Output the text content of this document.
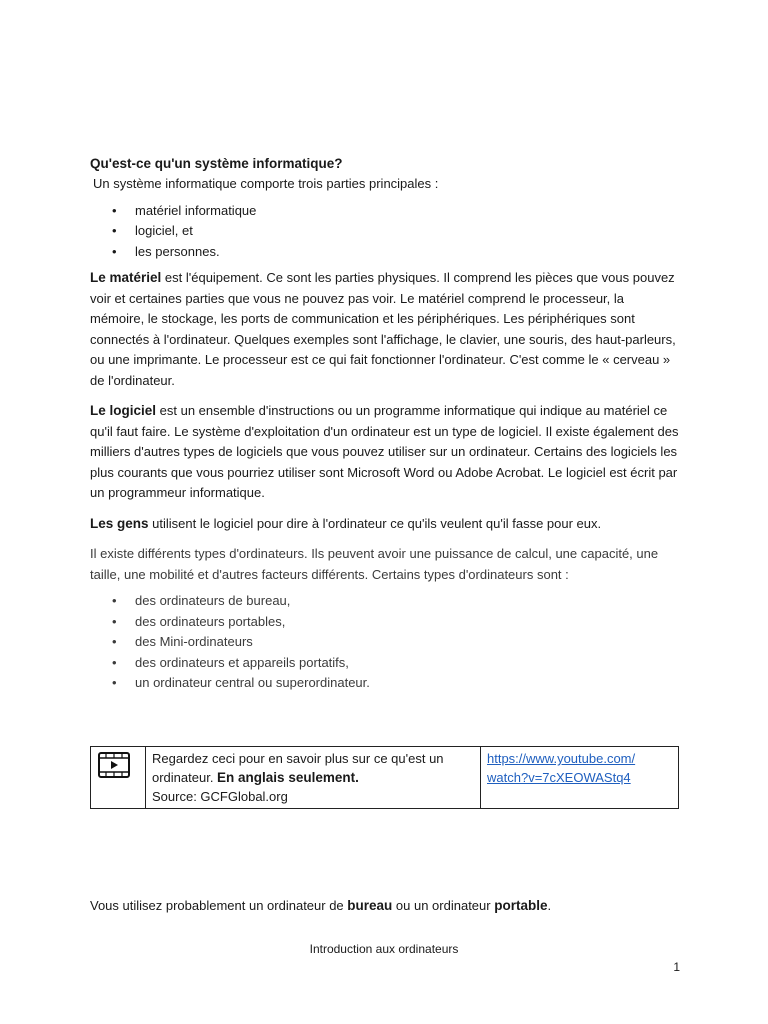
Qu'est-ce qu'un système informatique?

Un système informatique comporte trois parties principales :

• matériel informatique
• logiciel, et
• les personnes.

Le matériel est l'équipement. Ce sont les parties physiques. Il comprend les pièces que vous pouvez voir et certaines parties que vous ne pouvez pas voir. Le matériel comprend le processeur, la mémoire, le stockage, les ports de communication et les périphériques. Les périphériques sont connectés à l'ordinateur. Quelques exemples sont l'affichage, le clavier, une souris, des haut-parleurs, ou une imprimante. Le processeur est ce qui fait fonctionner l'ordinateur. C'est comme le « cerveau » de l'ordinateur.

Le logiciel est un ensemble d'instructions ou un programme informatique qui indique au matériel ce qu'il faut faire. Le système d'exploitation d'un ordinateur est un type de logiciel. Il existe également des milliers d'autres types de logiciels que vous pouvez utiliser sur un ordinateur. Certains des logiciels les plus courants que vous pourriez utiliser sont Microsoft Word ou Adobe Acrobat. Le logiciel est écrit par un programmeur informatique.

Les gens utilisent le logiciel pour dire à l'ordinateur ce qu'ils veulent qu'il fasse pour eux.

Il existe différents types d'ordinateurs. Ils peuvent avoir une puissance de calcul, une capacité, une taille, une mobilité et d'autres facteurs différents. Certains types d'ordinateurs sont :

• des ordinateurs de bureau,
• des ordinateurs portables,
• des Mini-ordinateurs
• des ordinateurs et appareils portatifs,
• un ordinateur central ou superordinateur.
	Regardez ceci pour en savoir plus sur ce qu'est un ordinateur. En anglais seulement.
Source: GCFGlobal.org	https://www.youtube.com/
watch?v=7cXEOWAStq4
Vous utilisez probablement un ordinateur de bureau ou un ordinateur portable.
Introduction aux ordinateurs
1
